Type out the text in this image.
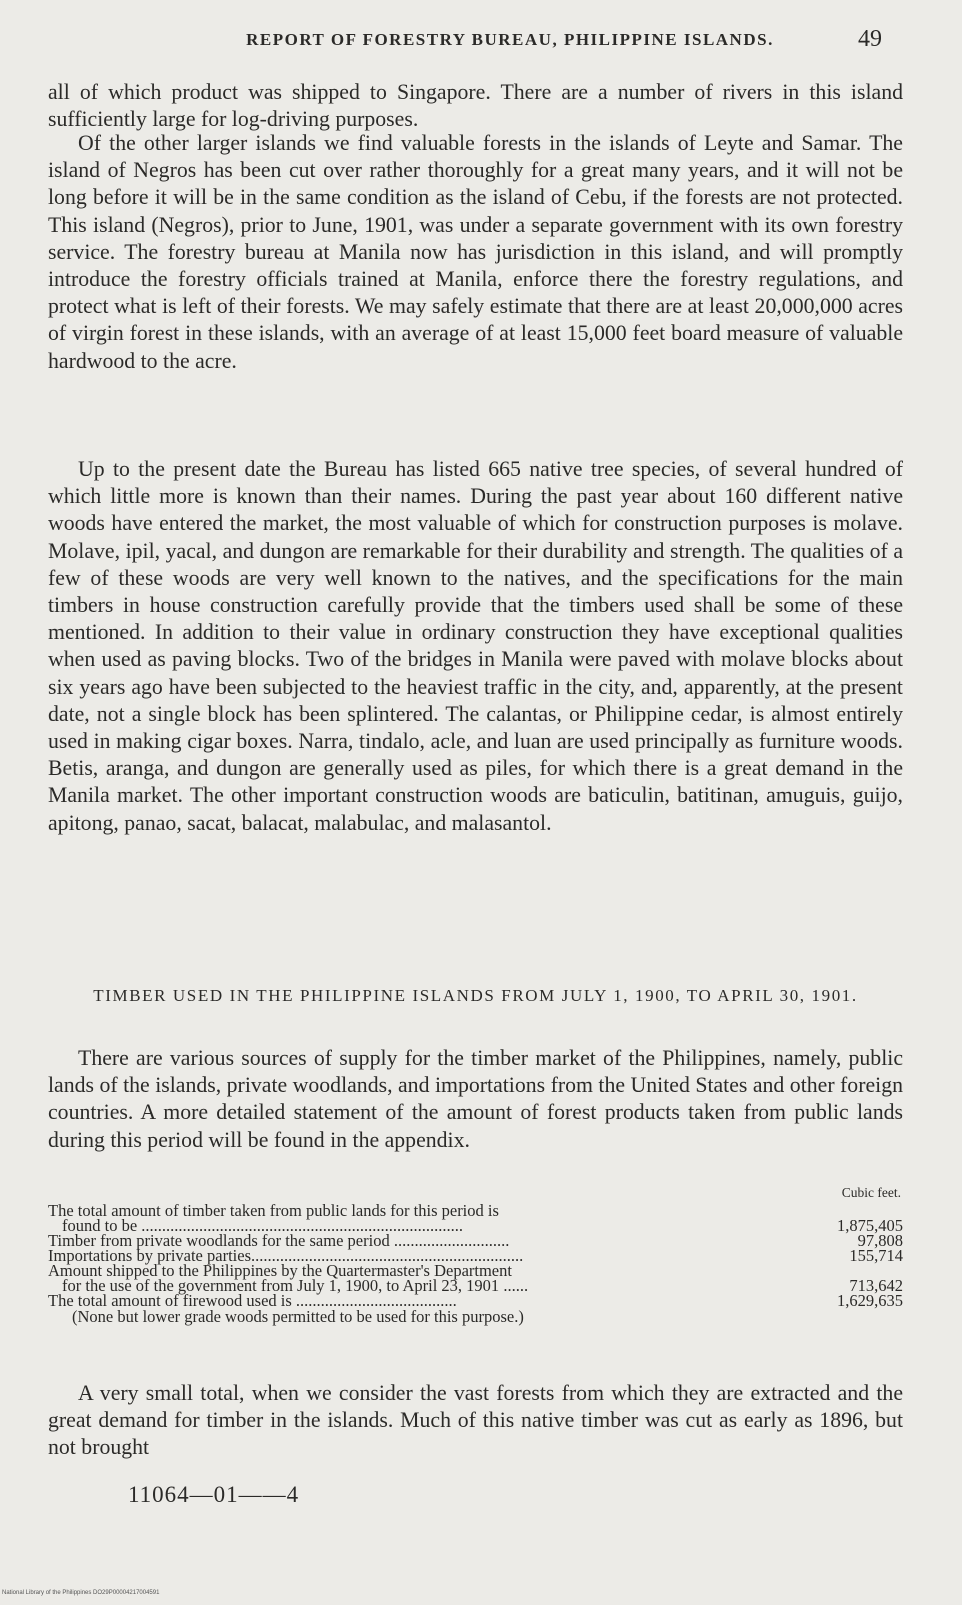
REPORT OF FORESTRY BUREAU, PHILIPPINE ISLANDS.	49

all of which product was shipped to Singapore. There are a number of rivers in this island sufficiently large for log-driving purposes.

Of the other larger islands we find valuable forests in the islands of Leyte and Samar. The island of Negros has been cut over rather thoroughly for a great many years, and it will not be long before it will be in the same condition as the island of Cebu, if the forests are not protected. This island (Negros), prior to June, 1901, was under a separate government with its own forestry service. The forestry bureau at Manila now has jurisdiction in this island, and will promptly introduce the forestry officials trained at Manila, enforce there the forestry regulations, and protect what is left of their forests. We may safely estimate that there are at least 20,000,000 acres of virgin forest in these islands, with an average of at least 15,000 feet board measure of valuable hardwood to the acre.

Up to the present date the Bureau has listed 665 native tree species, of several hundred of which little more is known than their names. During the past year about 160 different native woods have entered the market, the most valuable of which for construction purposes is molave. Molave, ipil, yacal, and dungon are remarkable for their durability and strength. The qualities of a few of these woods are very well known to the natives, and the specifications for the main timbers in house construction carefully provide that the timbers used shall be some of these mentioned. In addition to their value in ordinary construction they have exceptional qualities when used as paving blocks. Two of the bridges in Manila were paved with molave blocks about six years ago have been subjected to the heaviest traffic in the city, and, apparently, at the present date, not a single block has been splintered. The calantas, or Philippine cedar, is almost entirely used in making cigar boxes. Narra, tindalo, acle, and luan are used principally as furniture woods. Betis, aranga, and dungon are generally used as piles, for which there is a great demand in the Manila market. The other important construction woods are baticulin, batitinan, amuguis, guijo, apitong, panao, sacat, balacat, malabulac, and malasantol.

TIMBER USED IN THE PHILIPPINE ISLANDS FROM JULY 1, 1900, TO APRIL 30, 1901.

There are various sources of supply for the timber market of the Philippines, namely, public lands of the islands, private woodlands, and importations from the United States and other foreign countries. A more detailed statement of the amount of forest products taken from public lands during this period will be found in the appendix.

Cubic feet.
The total amount of timber taken from public lands for this period is
found to be ..............................................................................	1,875,405
Timber from private woodlands for the same period ............................	97,808
Importations by private parties..................................................................	155,714
Amount shipped to the Philippines by the Quartermaster's Department
for the use of the government from July 1, 1900, to April 23, 1901 ......	713,642
The total amount of firewood used is .......................................	1,629,635
(None but lower grade woods permitted to be used for this purpose.)

A very small total, when we consider the vast forests from which they are extracted and the great demand for timber in the islands. Much of this native timber was cut as early as 1896, but not brought

11064—01——4
National Library of the Philippines DO29P00004217004591
